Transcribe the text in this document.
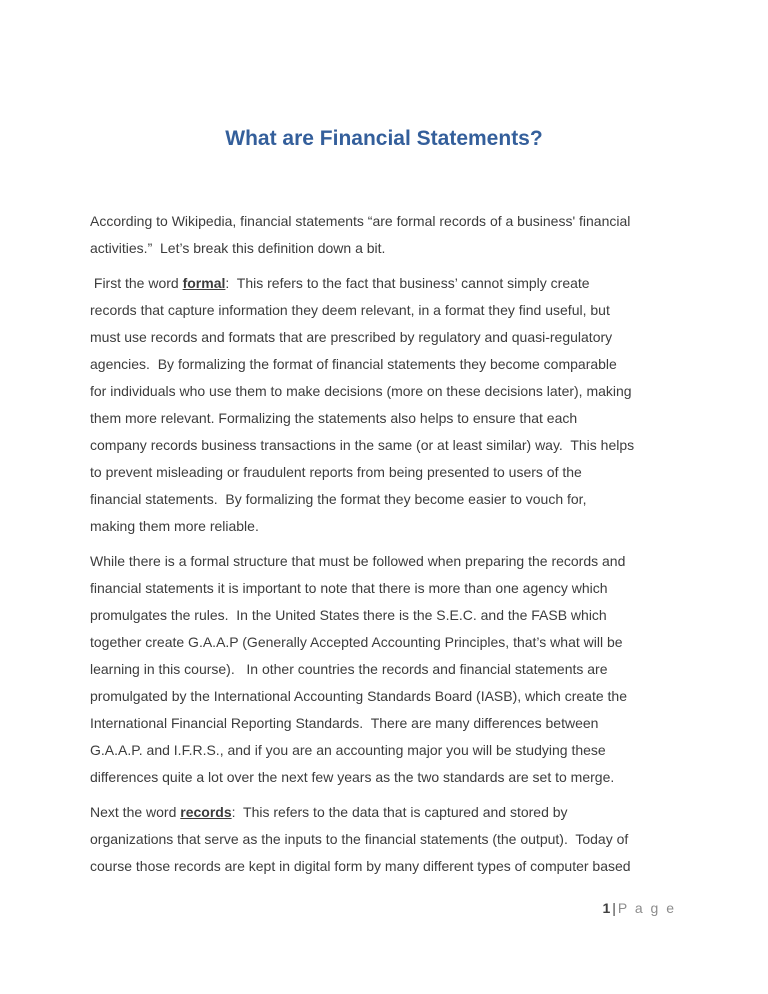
What are Financial Statements?
According to Wikipedia, financial statements “are formal records of a business' financial
activities.”  Let’s break this definition down a bit.
First the word formal:  This refers to the fact that business’ cannot simply create
records that capture information they deem relevant, in a format they find useful, but
must use records and formats that are prescribed by regulatory and quasi-regulatory
agencies.  By formalizing the format of financial statements they become comparable
for individuals who use them to make decisions (more on these decisions later), making
them more relevant. Formalizing the statements also helps to ensure that each
company records business transactions in the same (or at least similar) way.  This helps
to prevent misleading or fraudulent reports from being presented to users of the
financial statements.  By formalizing the format they become easier to vouch for,
making them more reliable.
While there is a formal structure that must be followed when preparing the records and
financial statements it is important to note that there is more than one agency which
promulgates the rules.  In the United States there is the S.E.C. and the FASB which
together create G.A.A.P (Generally Accepted Accounting Principles, that’s what will be
learning in this course).   In other countries the records and financial statements are
promulgated by the International Accounting Standards Board (IASB), which create the
International Financial Reporting Standards.  There are many differences between
G.A.A.P. and I.F.R.S., and if you are an accounting major you will be studying these
differences quite a lot over the next few years as the two standards are set to merge.
Next the word records:  This refers to the data that is captured and stored by
organizations that serve as the inputs to the financial statements (the output).  Today of
course those records are kept in digital form by many different types of computer based

1 | P a g e
